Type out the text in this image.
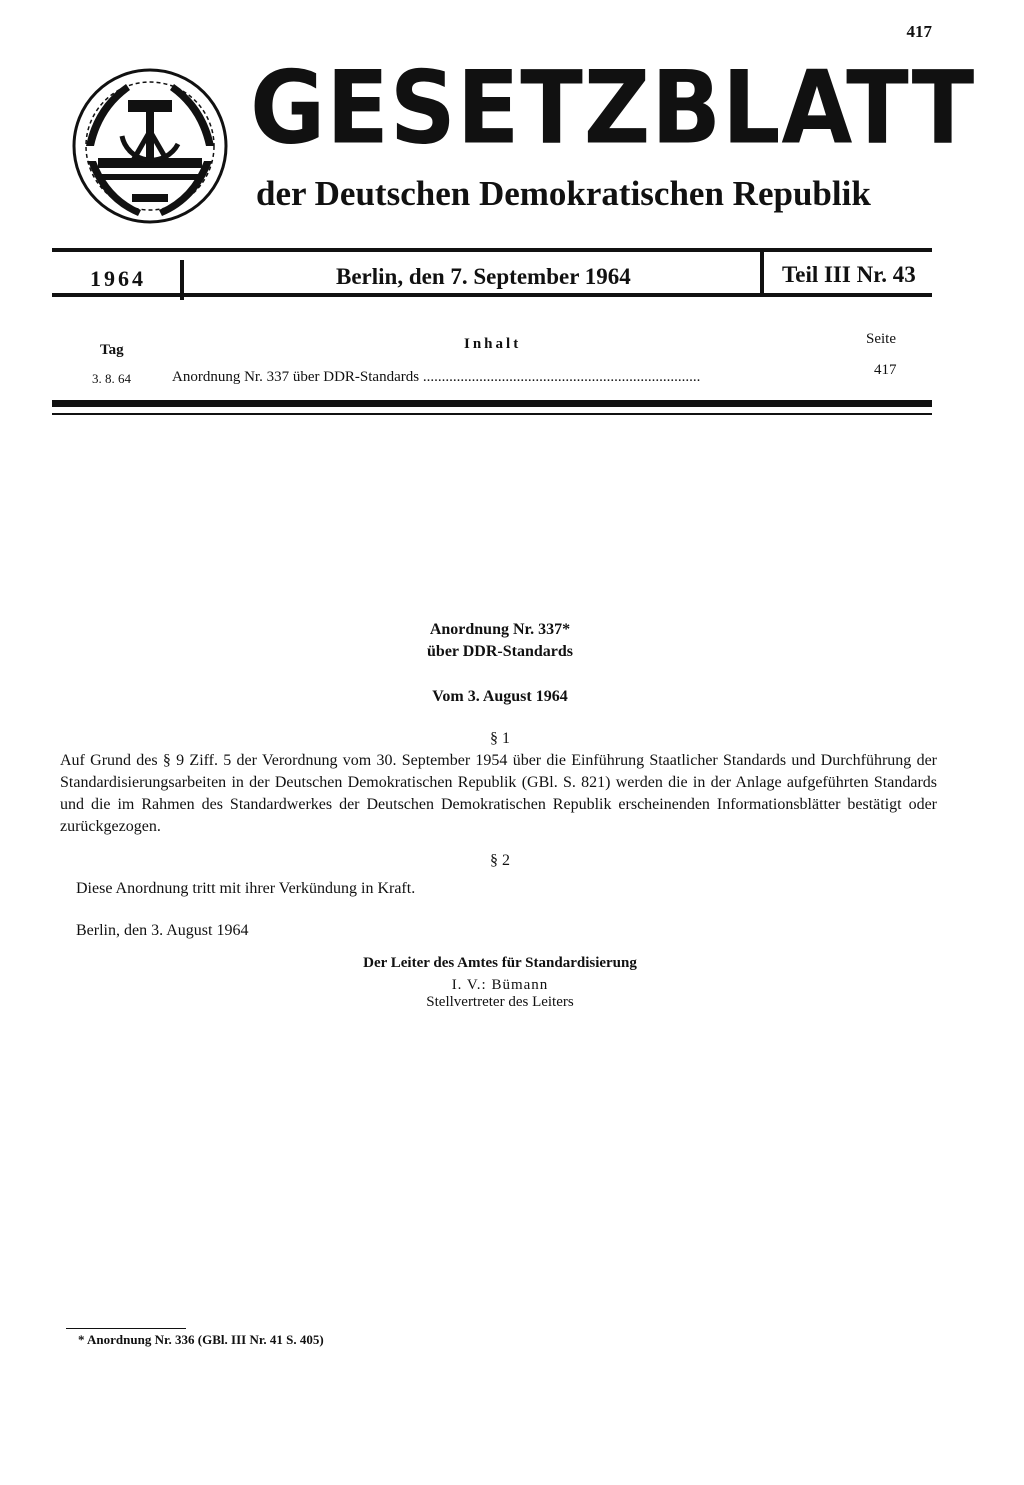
417
GESETZBLATT
der Deutschen Demokratischen Republik
1964	Berlin, den 7. September 1964	Teil III Nr. 43
Tag	Inhalt	Seite
3. 8. 64	Anordnung Nr. 337 über DDR-Standards ..........................................................................	417
Anordnung Nr. 337*
über DDR-Standards
Vom 3. August 1964
§ 1
Auf Grund des § 9 Ziff. 5 der Verordnung vom 30. September 1954 über die Einführung Staatlicher Standards und Durchführung der Standardisierungsarbeiten in der Deutschen Demokratischen Republik (GBl. S. 821) werden die in der Anlage aufgeführten Standards und die im Rahmen des Standardwerkes der Deutschen Demokratischen Republik erscheinenden Informationsblätter bestätigt oder zurückgezogen.
§ 2
Diese Anordnung tritt mit ihrer Verkündung in Kraft.
Berlin, den 3. August 1964
Der Leiter des Amtes für Standardisierung
I. V.: Bümann
Stellvertreter des Leiters
* Anordnung Nr. 336 (GBl. III Nr. 41 S. 405)
